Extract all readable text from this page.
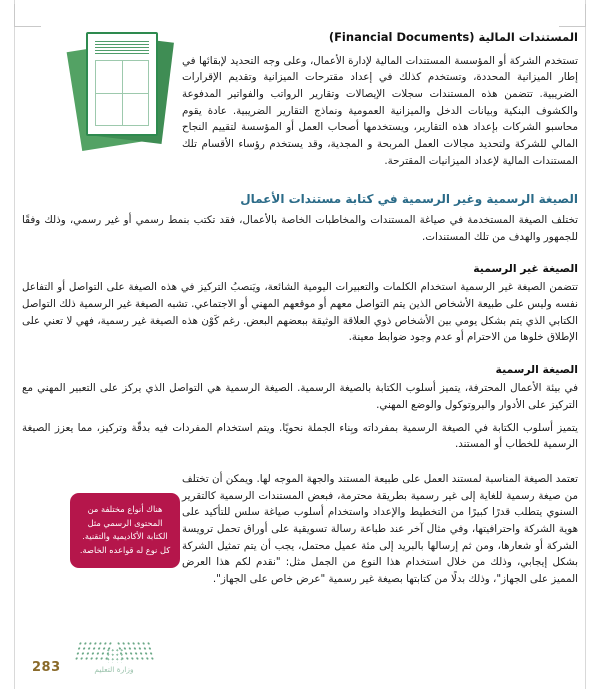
المستندات المالية (Financial Documents)

تستخدم الشركة أو المؤسسة المستندات المالية لإدارة الأعمال، وعلى وجه التحديد لإبقائها في إطار الميزانية المحددة، وتستخدم كذلك في إعداد مقترحات الميزانية وتقديم الإقرارات الضريبية. تتضمن هذه المستندات سجلات الإيصالات وتقارير الرواتب والفواتير المدفوعة والكشوف البنكية وبيانات الدخل والميزانية العمومية ونماذج التقارير الضريبية. عادة يقوم محاسبو الشركات بإعداد هذه التقارير، ويستخدمها أصحاب العمل أو المؤسسة لتقييم النجاح المالي للشركة ولتحديد مجالات العمل المربحة و المجدية، وقد يستخدم رؤساء الأقسام تلك المستندات المالية لإعداد الميزانيات المقترحة.

الصيغة الرسمية وغير الرسمية في كتابة مستندات الأعمال

تختلف الصيغة المستخدمة في صياغة المستندات والمخاطبات الخاصة بالأعمال، فقد تكتب بنمط رسمي أو غير رسمي، وذلك وفقًا للجمهور والهدف من تلك المستندات.

الصيغة غير الرسمية

تتضمن الصيغة غير الرسمية استخدام الكلمات والتعبيرات اليومية الشائعة، ويَنصبُ التركيز في هذه الصيغة على التواصل أو التفاعل نفسه وليس على طبيعة الأشخاص الذين يتم التواصل معهم أو موقعهم المهني أو الاجتماعي. تشبه الصيغة غير الرسمية ذلك التواصل الكتابي الذي يتم بشكل يومي بين الأشخاص ذوي العلاقة الوثيقة ببعضهم البعض. رغم كَوْن هذه الصيغة غير رسمية، فهي لا تعني على الإطلاق خلوها من الاحترام أو عدم وجود ضوابط معينة.

الصيغة الرسمية

في بيئة الأعمال المحترفة، يتميز أسلوب الكتابة بالصيغة الرسمية. الصيغة الرسمية هي التواصل الذي يركز على التعبير المهني مع التركيز على الأدوار والبروتوكول والوضع المهني.

يتميز أسلوب الكتابة في الصيغة الرسمية بمفرداته وبِناء الجملة نحويًا. ويتم استخدام المفردات فيه بدقّة وتركيز، مما يعزز الصيغة الرسمية للخطاب أو المستند.

هناك أنواع مختلفة من المحتوى الرسمي مثل الكتابة الأكاديمية والتقنية. كل نوع له قواعده الخاصة.

تعتمد الصيغة المناسبة لمستند العمل على طبيعة المستند والجهة الموجه لها. ويمكن أن تختلف من صيغة رسمية للغاية إلى غير رسمية بطريقة محترمة، فبعض المستندات الرسمية كالتقرير السنوي يتطلب قدرًا كبيرًا من التخطيط والإعداد واستخدام أسلوب صياغة سلس للتأكيد على هوية الشركة واحترافيتها، وفي مثال آخر عند طباعة رسالة تسويقية على أوراق تحمل ترويسة الشركة أو شعارها، ومن ثم إرسالها بالبريد إلى مئة عميل محتمل، يجب أن يتم تمثيل الشركة بشكل إيجابي، وذلك من خلال استخدام هذا النوع من الجمل مثل: "نقدم لكم هذا العرض المميز على الجهاز"، وذلك بدلًا من كتابتها بصيغة غير رسمية "عرض خاص على الجهاز".

283	وزارة التعليم
